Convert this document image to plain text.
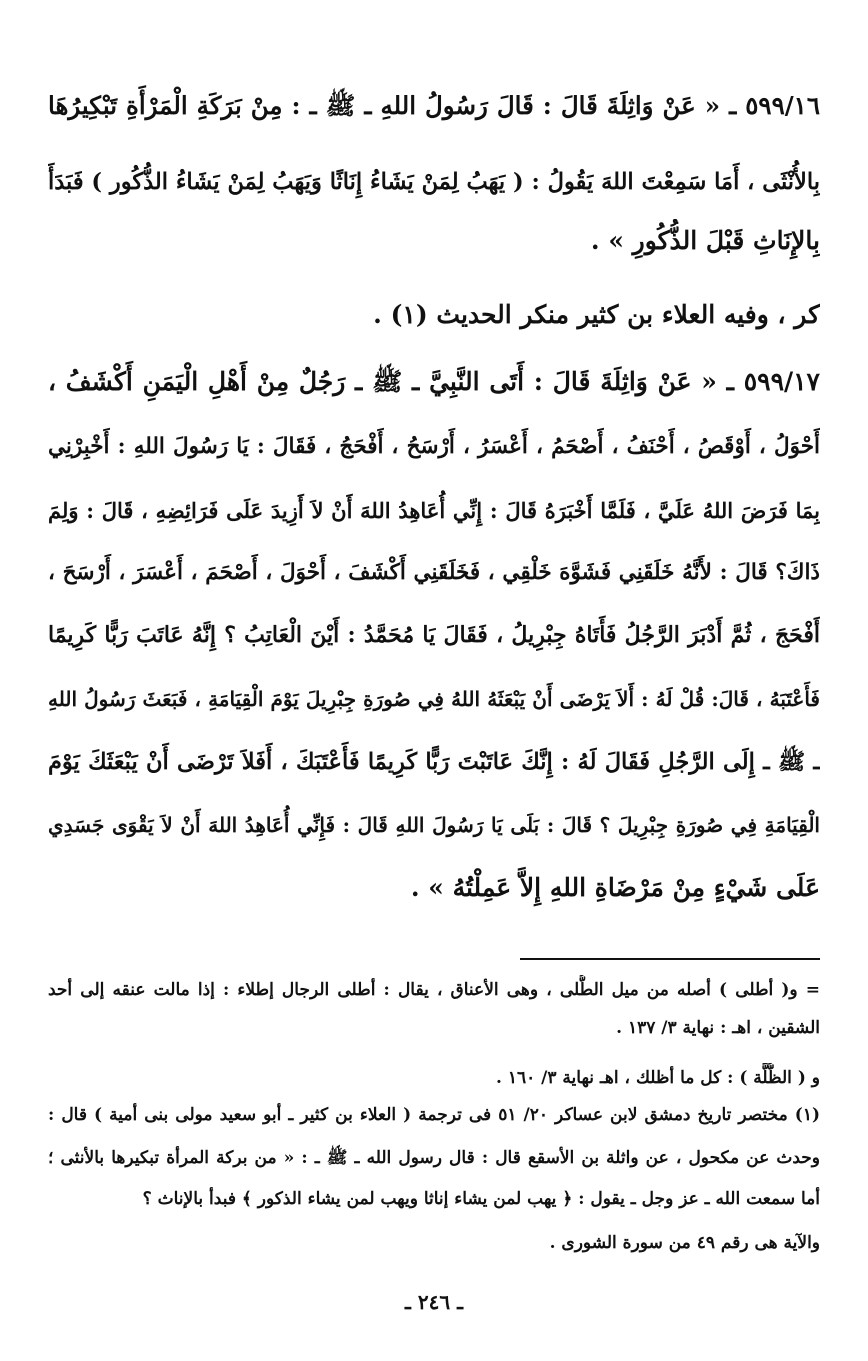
٥٩٩/١٦ ـ « عَنْ وَاثِلَةَ قَالَ : قَالَ رَسُولُ اللهِ ـ ﷺ ـ : مِنْ بَرَكَةِ الْمَرْأَةِ تَبْكِيرُهَا
بِالأُنْثَى ، أَمَا سَمِعْتَ اللهَ يَقُولُ : ( يَهَبُ لِمَنْ يَشَاءُ إِنَاثًا وَيَهَبُ لِمَنْ يَشَاءُ الذُّكُور ) فَبَدَأَ
بِالإِنَاثِ قَبْلَ الذُّكُورِ » .
كر ، وفيه العلاء بن كثير منكر الحديث (١) .
٥٩٩/١٧ ـ « عَنْ وَاثِلَةَ قَالَ : أَتَى النَّبِيَّ ـ ﷺ ـ رَجُلٌ مِنْ أَهْلِ الْيَمَنِ أَكْشَفُ ،
أَحْوَلُ ، أَوْقَصُ ، أَحْنَفُ ، أَصْحَمُ ، أَعْسَرُ ، أَرْسَحُ ، أَفْحَجُ ، فَقَالَ : يَا رَسُولَ اللهِ : أَخْبِرْنِي
بِمَا فَرَضَ اللهُ عَلَيَّ ، فَلَمَّا أَخْبَرَهُ قَالَ : إِنِّي أُعَاهِدُ اللهَ أَنْ لاَ أَزِيدَ عَلَى فَرَائِضِهِ ، قَالَ : وَلِمَ
ذَاكَ؟ قَالَ : لأَنَّهُ خَلَقَنِي فَشَوَّهَ خَلْقِي ، فَخَلَقَنِي أَكْشَفَ ، أَحْوَلَ ، أَصْحَمَ ، أَعْسَرَ ، أَرْسَحَ ،
أَفْحَجَ ، ثُمَّ أَدْبَرَ الرَّجُلُ فَأَتَاهُ جِبْرِيلُ ، فَقَالَ يَا مُحَمَّدُ : أَيْنَ الْعَاتِبُ ؟ إِنَّهُ عَاتَبَ رَبًّا كَرِيمًا
فَأَعْتَبَهُ ، قَالَ: قُلْ لَهُ : أَلاَ يَرْضَى أَنْ يَبْعَثَهُ اللهُ فِي صُورَةِ جِبْرِيلَ يَوْمَ الْقِيَامَةِ ، فَبَعَثَ رَسُولُ اللهِ
ـ ﷺ ـ إِلَى الرَّجُلِ فَقَالَ لَهُ : إِنَّكَ عَاتَبْتَ رَبًّا كَرِيمًا فَأَعْتَبَكَ ، أَفَلاَ تَرْضَى أَنْ يَبْعَثَكَ يَوْمَ
الْقِيَامَةِ فِي صُورَةِ جِبْرِيلَ ؟ قَالَ : بَلَى يَا رَسُولَ اللهِ قَالَ : فَإِنِّي أُعَاهِدُ اللهَ أَنْ لاَ يَقْوَى جَسَدِي
عَلَى شَيْءٍ مِنْ مَرْضَاةِ اللهِ إِلاَّ عَمِلْتُهُ » .
= و( أطلى ) أصله من ميل الطُّلى ، وهى الأعناق ، يقال : أطلى الرجال إطلاء : إذا مالت عنقه إلى أحد
الشقين ، اهـ : نهاية ٣/ ١٣٧ .
و ( الظُّلَّة ) : كل ما أظلك ، اهـ نهاية ٣/ ١٦٠ .
(١) مختصر تاريخ دمشق لابن عساكر ٢٠/ ٥١ فى ترجمة ( العلاء بن كثير ـ أبو سعيد مولى بنى أمية ) قال :
وحدث عن مكحول ، عن واثلة بن الأسقع قال : قال رسول الله ـ ﷺ ـ : « من بركة المرأة تبكيرها بالأنثى ؛
أما سمعت الله ـ عز وجل ـ يقول : ﴿ يهب لمن يشاء إناثا ويهب لمن يشاء الذكور ﴾ فبدأ بالإناث ؟
والآية هى رقم ٤٩ من سورة الشورى .
ـ ٢٤٦ ـ
